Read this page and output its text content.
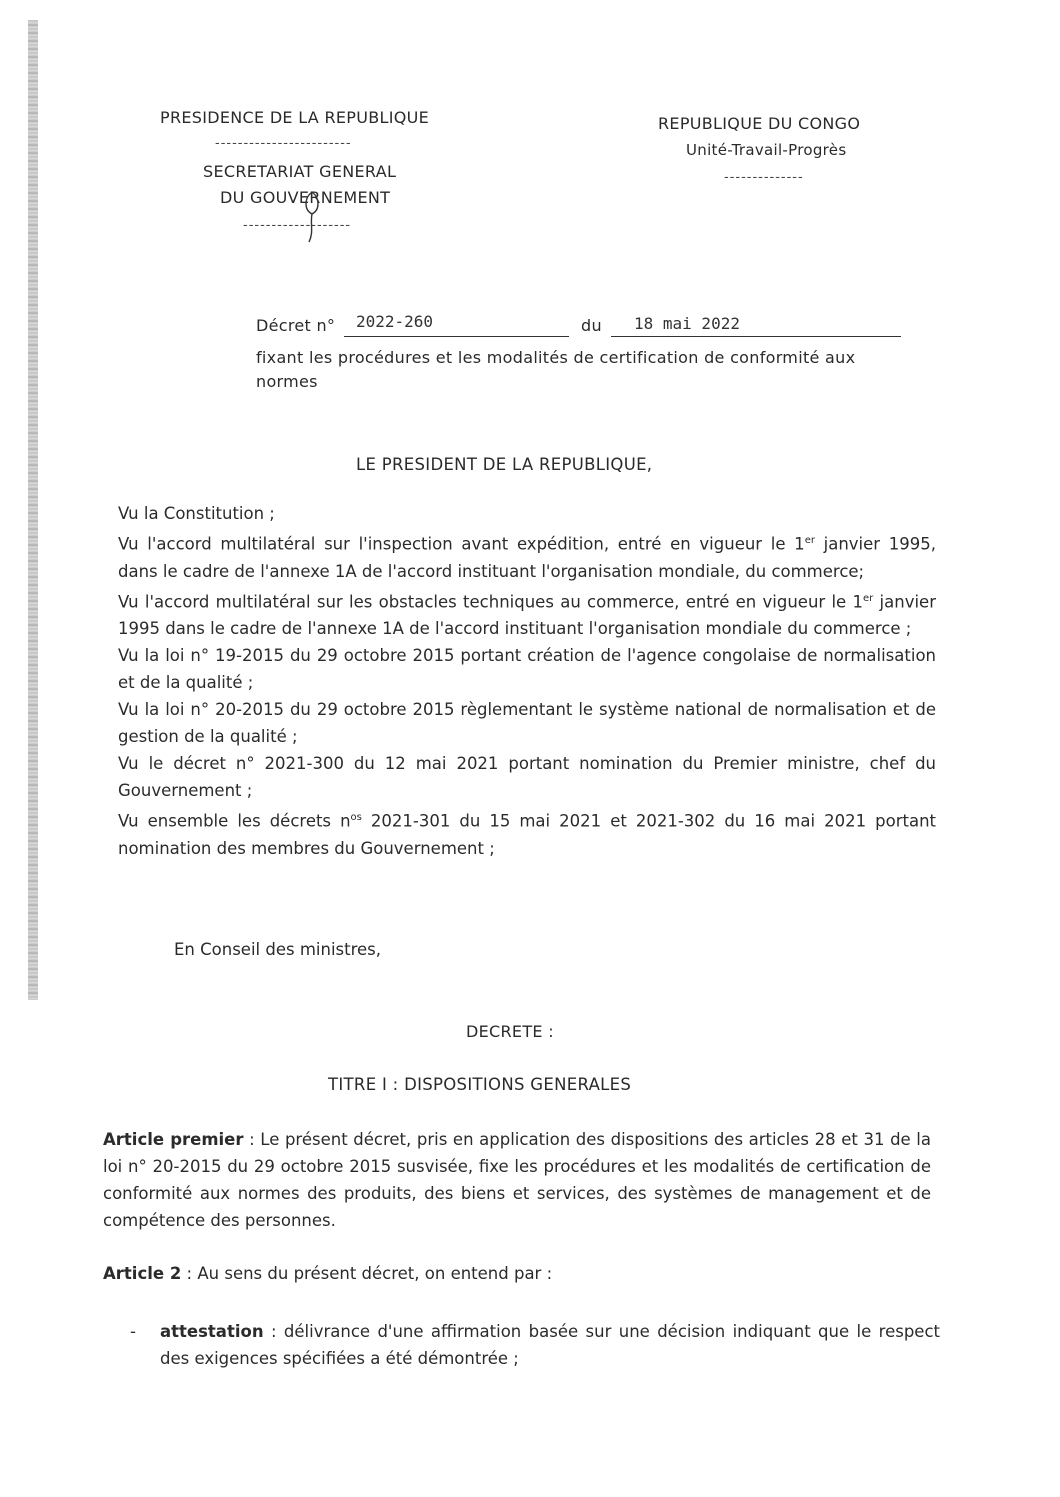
PRESIDENCE DE LA REPUBLIQUE
------------------------
SECRETARIAT GENERAL
DU GOUVERNEMENT
-------------------
REPUBLIQUE DU CONGO
Unité-Travail-Progrès
--------------
Décret n° 2022-260	du 18 mai 2022
fixant les procédures et les modalités de certification de conformité aux normes
LE PRESIDENT DE LA REPUBLIQUE,

Vu la Constitution ;

Vu l'accord multilatéral sur l'inspection avant expédition, entré en vigueur le 1er janvier 1995, dans le cadre de l'annexe 1A de l'accord instituant l'organisation mondiale, du commerce;

Vu l'accord multilatéral sur les obstacles techniques au commerce, entré en vigueur le 1er janvier 1995 dans le cadre de l'annexe 1A de l'accord instituant l'organisation mondiale du commerce ;

Vu la loi n° 19-2015 du 29 octobre 2015 portant création de l'agence congolaise de normalisation et de la qualité ;

Vu la loi n° 20-2015 du 29 octobre 2015 règlementant le système national de normalisation et de gestion de la qualité ;

Vu le décret n° 2021-300 du 12 mai 2021 portant nomination du Premier ministre, chef du Gouvernement ;

Vu ensemble les décrets $n^{os}$ 2021-301 du 15 mai 2021 et 2021-302 du 16 mai 2021 portant nomination des membres du Gouvernement ;

En Conseil des ministres,
DECRETE :
TITRE I : DISPOSITIONS GENERALES
Article premier : Le présent décret, pris en application des dispositions des articles 28 et 31 de la loi n° 20-2015 du 29 octobre 2015 susvisée, fixe les procédures et les modalités de certification de conformité aux normes des produits, des biens et services, des systèmes de management et de compétence des personnes.
Article 2 : Au sens du présent décret, on entend par :
- attestation : délivrance d'une affirmation basée sur une décision indiquant que le respect des exigences spécifiées a été démontrée ;
